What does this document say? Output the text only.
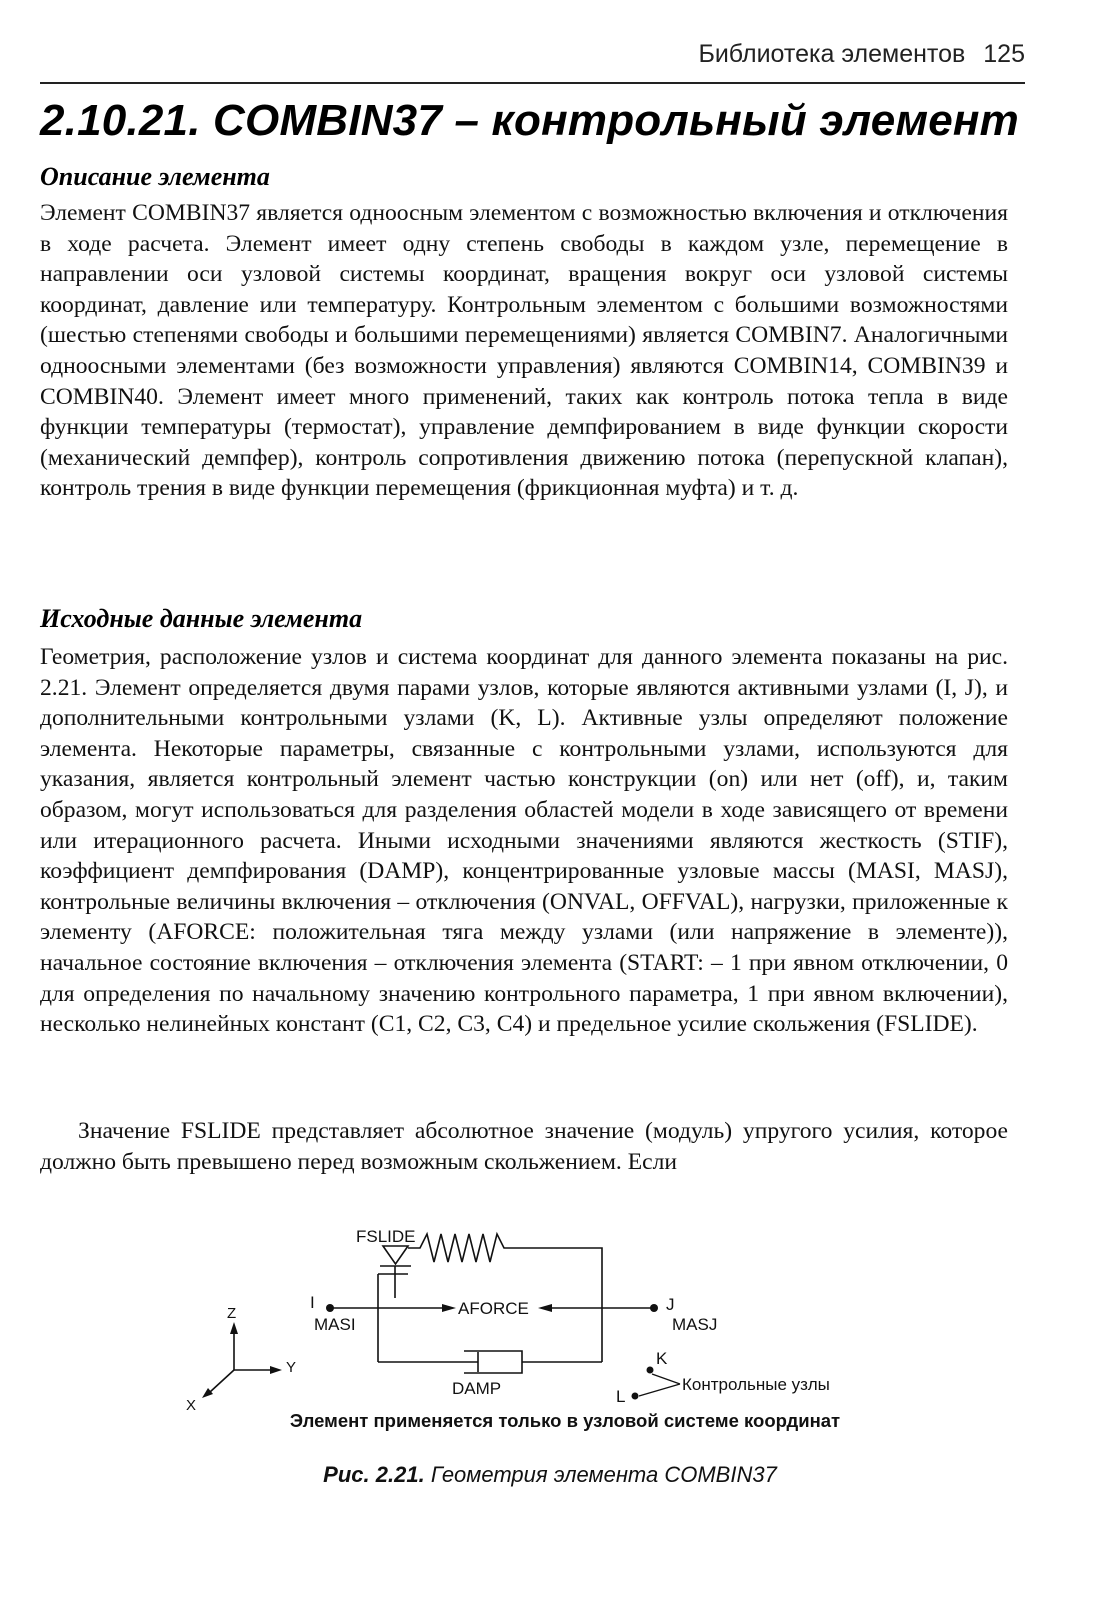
Библиотека элементов 125
2.10.21. COMBIN37 – контрольный элемент
Описание элемента

Элемент COMBIN37 является одноосным элементом с возможностью включения и отключения в ходе расчета. Элемент имеет одну степень свободы в каждом узле, перемещение в направлении оси узловой системы координат, вращения вокруг оси узловой системы координат, давление или температуру. Контрольным элементом с большими возможностями (шестью степенями свободы и большими перемещениями) является COMBIN7. Аналогичными одноосными элементами (без возможности управления) являются COMBIN14, COMBIN39 и COMBIN40. Элемент имеет много применений, таких как контроль потока тепла в виде функции температуры (термостат), управление демпфированием в виде функции скорости (механический демпфер), контроль сопротивления движению потока (перепускной клапан), контроль трения в виде функции перемещения (фрикционная муфта) и т. д.

Исходные данные элемента

Геометрия, расположение узлов и система координат для данного элемента показаны на рис. 2.21. Элемент определяется двумя парами узлов, которые являются активными узлами (I, J), и дополнительными контрольными узлами (K, L). Активные узлы определяют положение элемента. Некоторые параметры, связанные с контрольными узлами, используются для указания, является контрольный элемент частью конструкции (on) или нет (off), и, таким образом, могут использоваться для разделения областей модели в ходе зависящего от времени или итерационного расчета. Иными исходными значениями являются жесткость (STIF), коэффициент демпфирования (DAMP), концентрированные узловые массы (MASI, MASJ), контрольные величины включения – отключения (ONVAL, OFFVAL), нагрузки, приложенные к элементу (AFORCE: положительная тяга между узлами (или напряжение в элементе)), начальное состояние включения – отключения элемента (START: – 1 при явном отключении, 0 для определения по начальному значению контрольного параметра, 1 при явном включении), несколько нелинейных констант (C1, C2, C3, C4) и предельное усилие скольжения (FSLIDE).

Значение FSLIDE представляет абсолютное значение (модуль) упругого усилия, которое должно быть превышено перед возможным скольжением. Если

FSLIDE
DAMP
I
MASI
AFORCE	J
MASJ
K
L
Контрольные узлы
Z
Y
X
Элемент применяется только в узловой системе координат
Рис. 2.21. Геометрия элемента COMBIN37
